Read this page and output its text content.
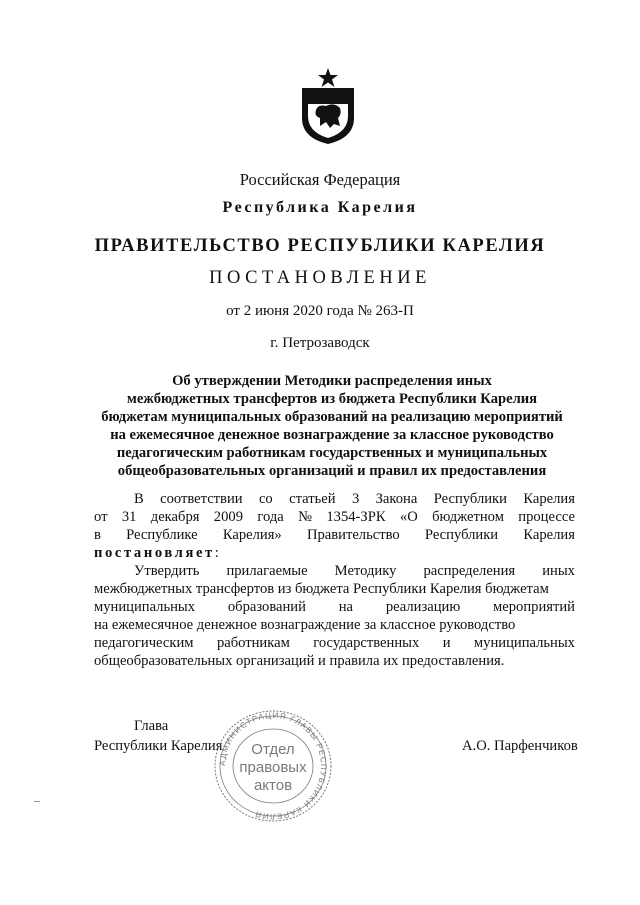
Российская Федерация
Республика Карелия
ПРАВИТЕЛЬСТВО РЕСПУБЛИКИ КАРЕЛИЯ
ПОСТАНОВЛЕНИЕ
от 2 июня 2020 года № 263-П
г. Петрозаводск
Об утверждении Методики распределения иных
межбюджетных трансфертов из бюджета Республики Карелия
бюджетам муниципальных образований на реализацию мероприятий
на ежемесячное денежное вознаграждение за классное руководство
педагогическим работникам государственных и муниципальных
общеобразовательных организаций и правил их предоставления
В соответствии со статьей 3 Закона Республики Карелия
от 31 декабря 2009 года № 1354-ЗРК «О бюджетном процессе
в Республике Карелия» Правительство Республики Карелия
постановляет:
Утвердить прилагаемые Методику распределения иных
межбюджетных трансфертов из бюджета Республики Карелия бюджетам
муниципальных образований на реализацию мероприятий
на ежемесячное денежное вознаграждение за классное руководство
педагогическим работникам государственных и муниципальных
общеобразовательных организаций и правила их предоставления.
Глава
Республики Карелия	А.О. Парфенчиков
АДМИНИСТРАЦИЯ ГЛАВЫ РЕСПУБЛИКИ КАРЕЛИЯ
Отдел
правовых
актов
